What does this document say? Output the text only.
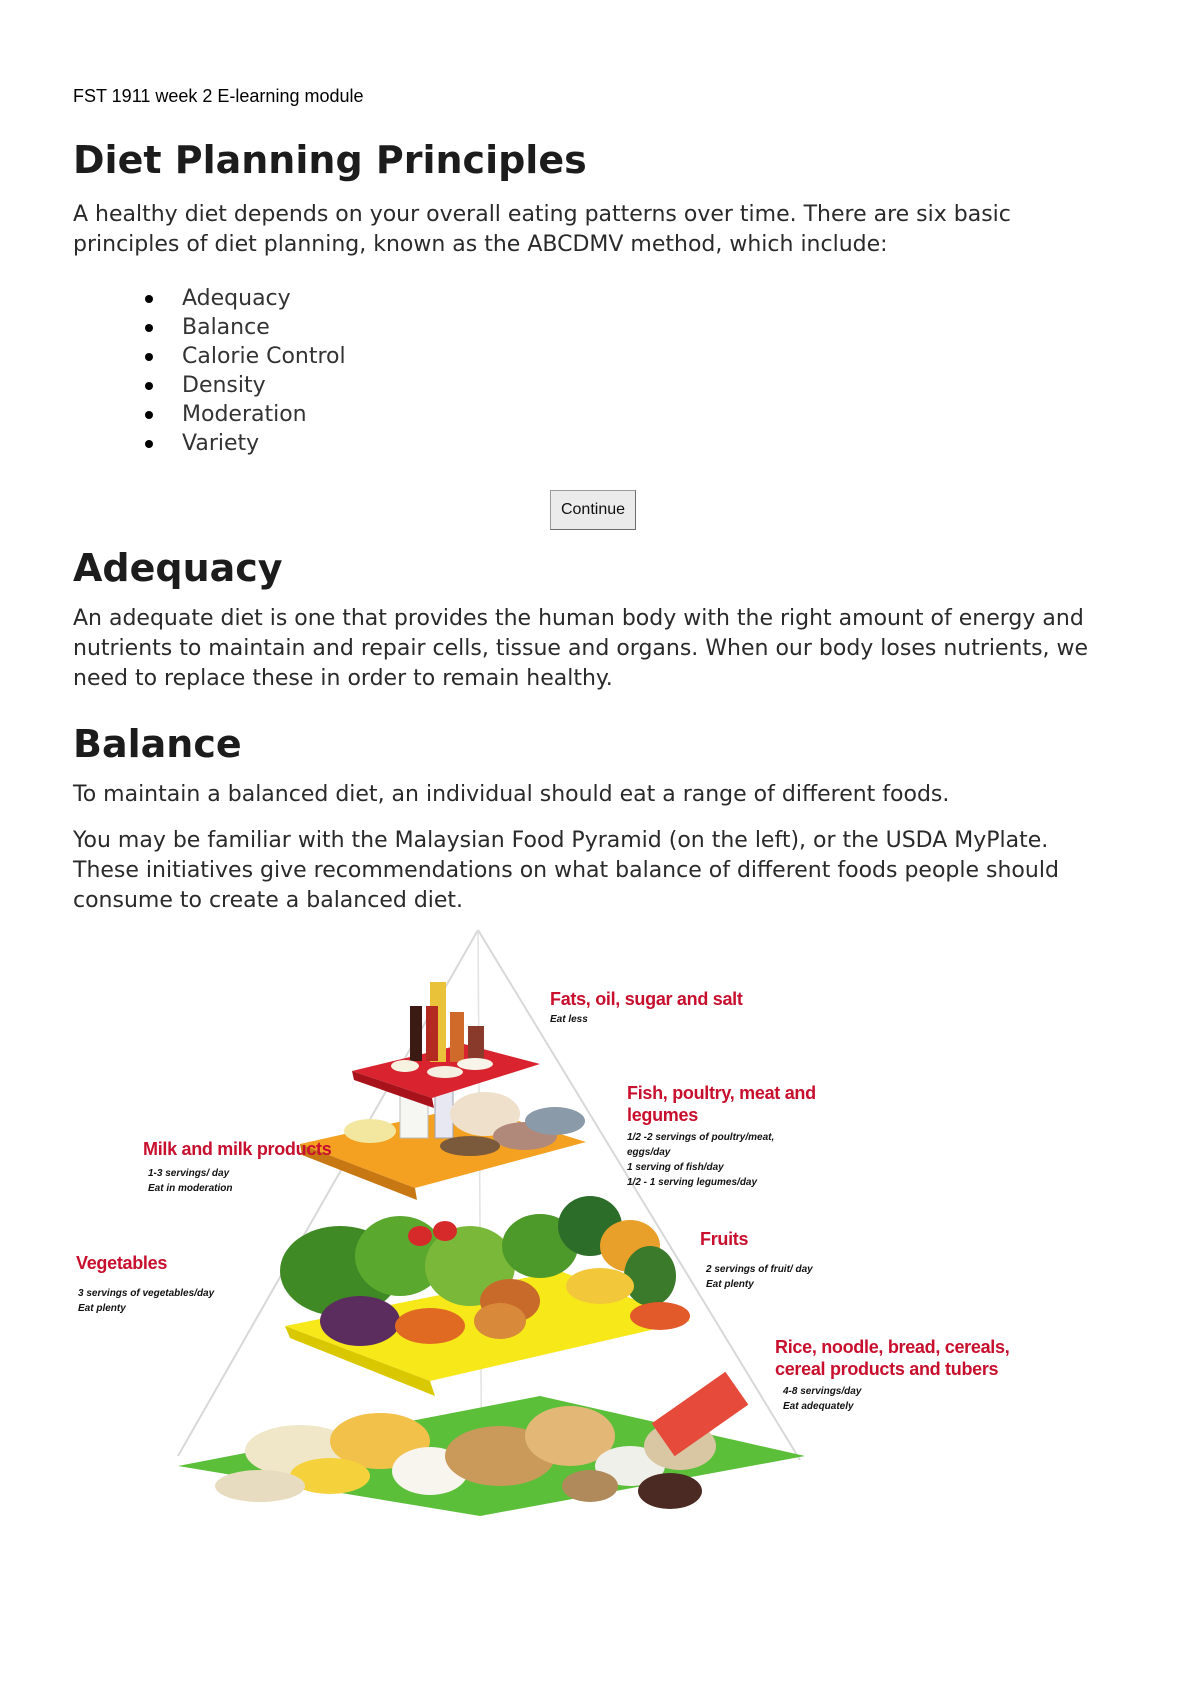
FST 1911 week 2 E-learning module
Diet Planning Principles

A healthy diet depends on your overall eating patterns over time. There are six basic principles of diet planning, known as the ABCDMV method, which include:

Adequacy
Balance
Calorie Control
Density
Moderation
Variety
Continue
Adequacy

An adequate diet is one that provides the human body with the right amount of energy and nutrients to maintain and repair cells, tissue and organs. When our body loses nutrients, we need to replace these in order to remain healthy.

Balance

To maintain a balanced diet, an individual should eat a range of different foods.

You may be familiar with the Malaysian Food Pyramid (on the left), or the USDA MyPlate. These initiatives give recommendations on what balance of different foods people should consume to create a balanced diet.

Fats, oil, sugar and salt
Eat less
Fish, poultry, meat and
legumes
1/2 -2 servings of poultry/meat,
eggs/day
1 serving of fish/day
1/2 - 1 serving legumes/day
Milk and milk products
1-3 servings/ day
Eat in moderation
Fruits
2 servings of fruit/ day
Eat plenty
Vegetables
3 servings of vegetables/day
Eat plenty
Rice, noodle, bread, cereals,
cereal products and tubers
4-8 servings/day
Eat adequately
